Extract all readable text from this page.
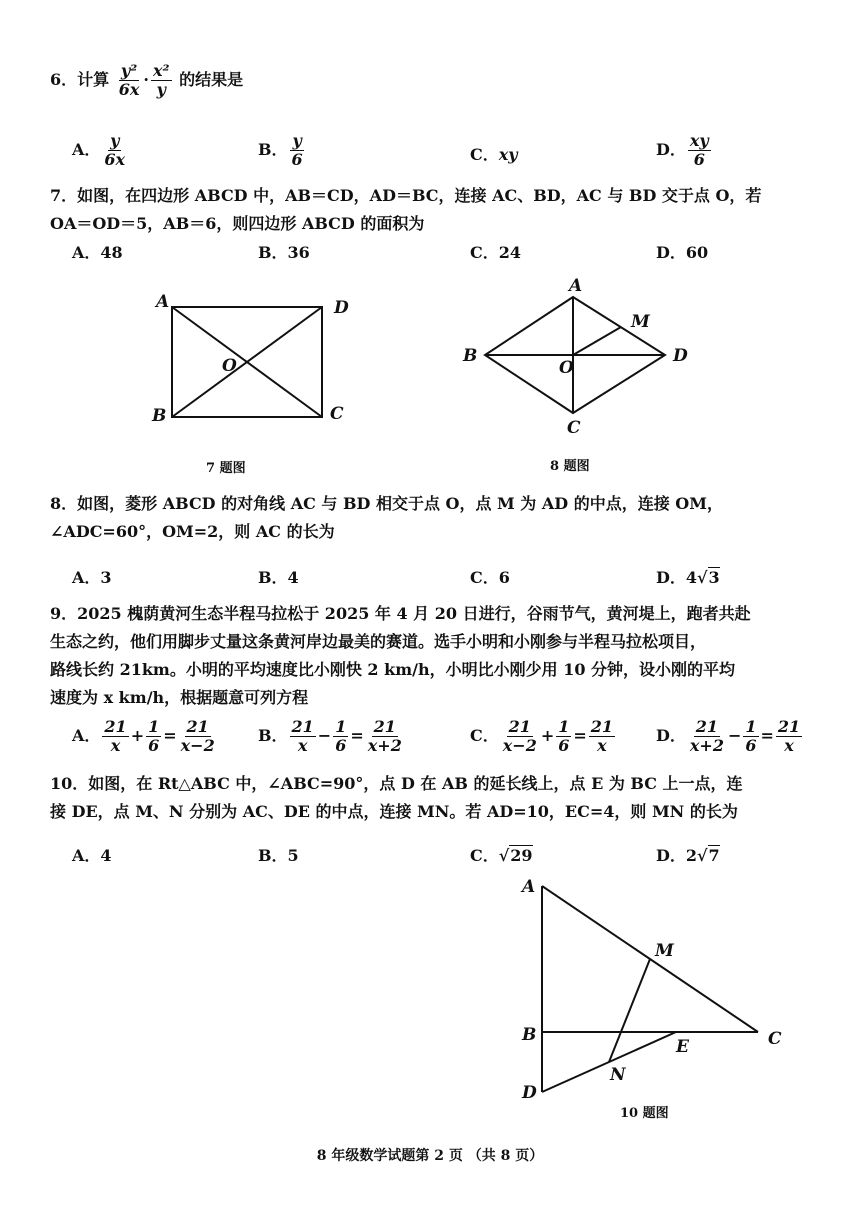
6．计算 $\frac{\text{y²}}{6x} \cdot \frac{\text{x²}}{y}$ 的结果是
A． $\frac{y}{6x}$	B． $\frac{y}{6}$	C．xy	D． $\frac{xy}{6}$
7．如图，在四边形 ABCD 中，AB＝CD，AD＝BC，连接 AC、BD，AC 与 BD 交于点 O，若
OA＝OD＝5，AB＝6，则四边形 ABCD 的面积为
A．48	B．36	C．24	D．60
A	D
B	C
O
7 题图
A
M
B	D
O
C
8 题图
8．如图，菱形 ABCD 的对角线 AC 与 BD 相交于点 O，点 M 为 AD 的中点，连接 OM，
∠ADC=60°，OM=2，则 AC 的长为
A．3	B．4	C．6	D．4√3
9．2025 槐荫黄河生态半程马拉松于 2025 年 4 月 20 日进行，谷雨节气，黄河堤上，跑者共赴
生态之约，他们用脚步丈量这条黄河岸边最美的赛道。选手小明和小刚参与半程马拉松项目，
路线长约 21km。小明的平均速度比小刚快 2 km/h，小明比小刚少用 10 分钟，设小刚的平均
速度为 x km/h，根据题意可列方程
A． $\frac{21}{x} + \frac{1}{6} = \frac{21}{x-2}$	B． $\frac{21}{x} - \frac{1}{6} = \frac{21}{x+2}$	C． $\frac{21}{x-2} + \frac{1}{6} = \frac{21}{x}$	D． $\frac{21}{x+2} - \frac{1}{6} = \frac{21}{x}$
10．如图，在 Rt△ABC 中，∠ABC=90°，点 D 在 AB 的延长线上，点 E 为 BC 上一点，连
接 DE，点 M、N 分别为 AC、DE 的中点，连接 MN。若 AD=10，EC=4，则 MN 的长为
A．4	B．5	C．√29	D．2√7
A
M
B	C
E
N
D
10 题图
8 年级数学试题第 2 页 （共 8 页）
